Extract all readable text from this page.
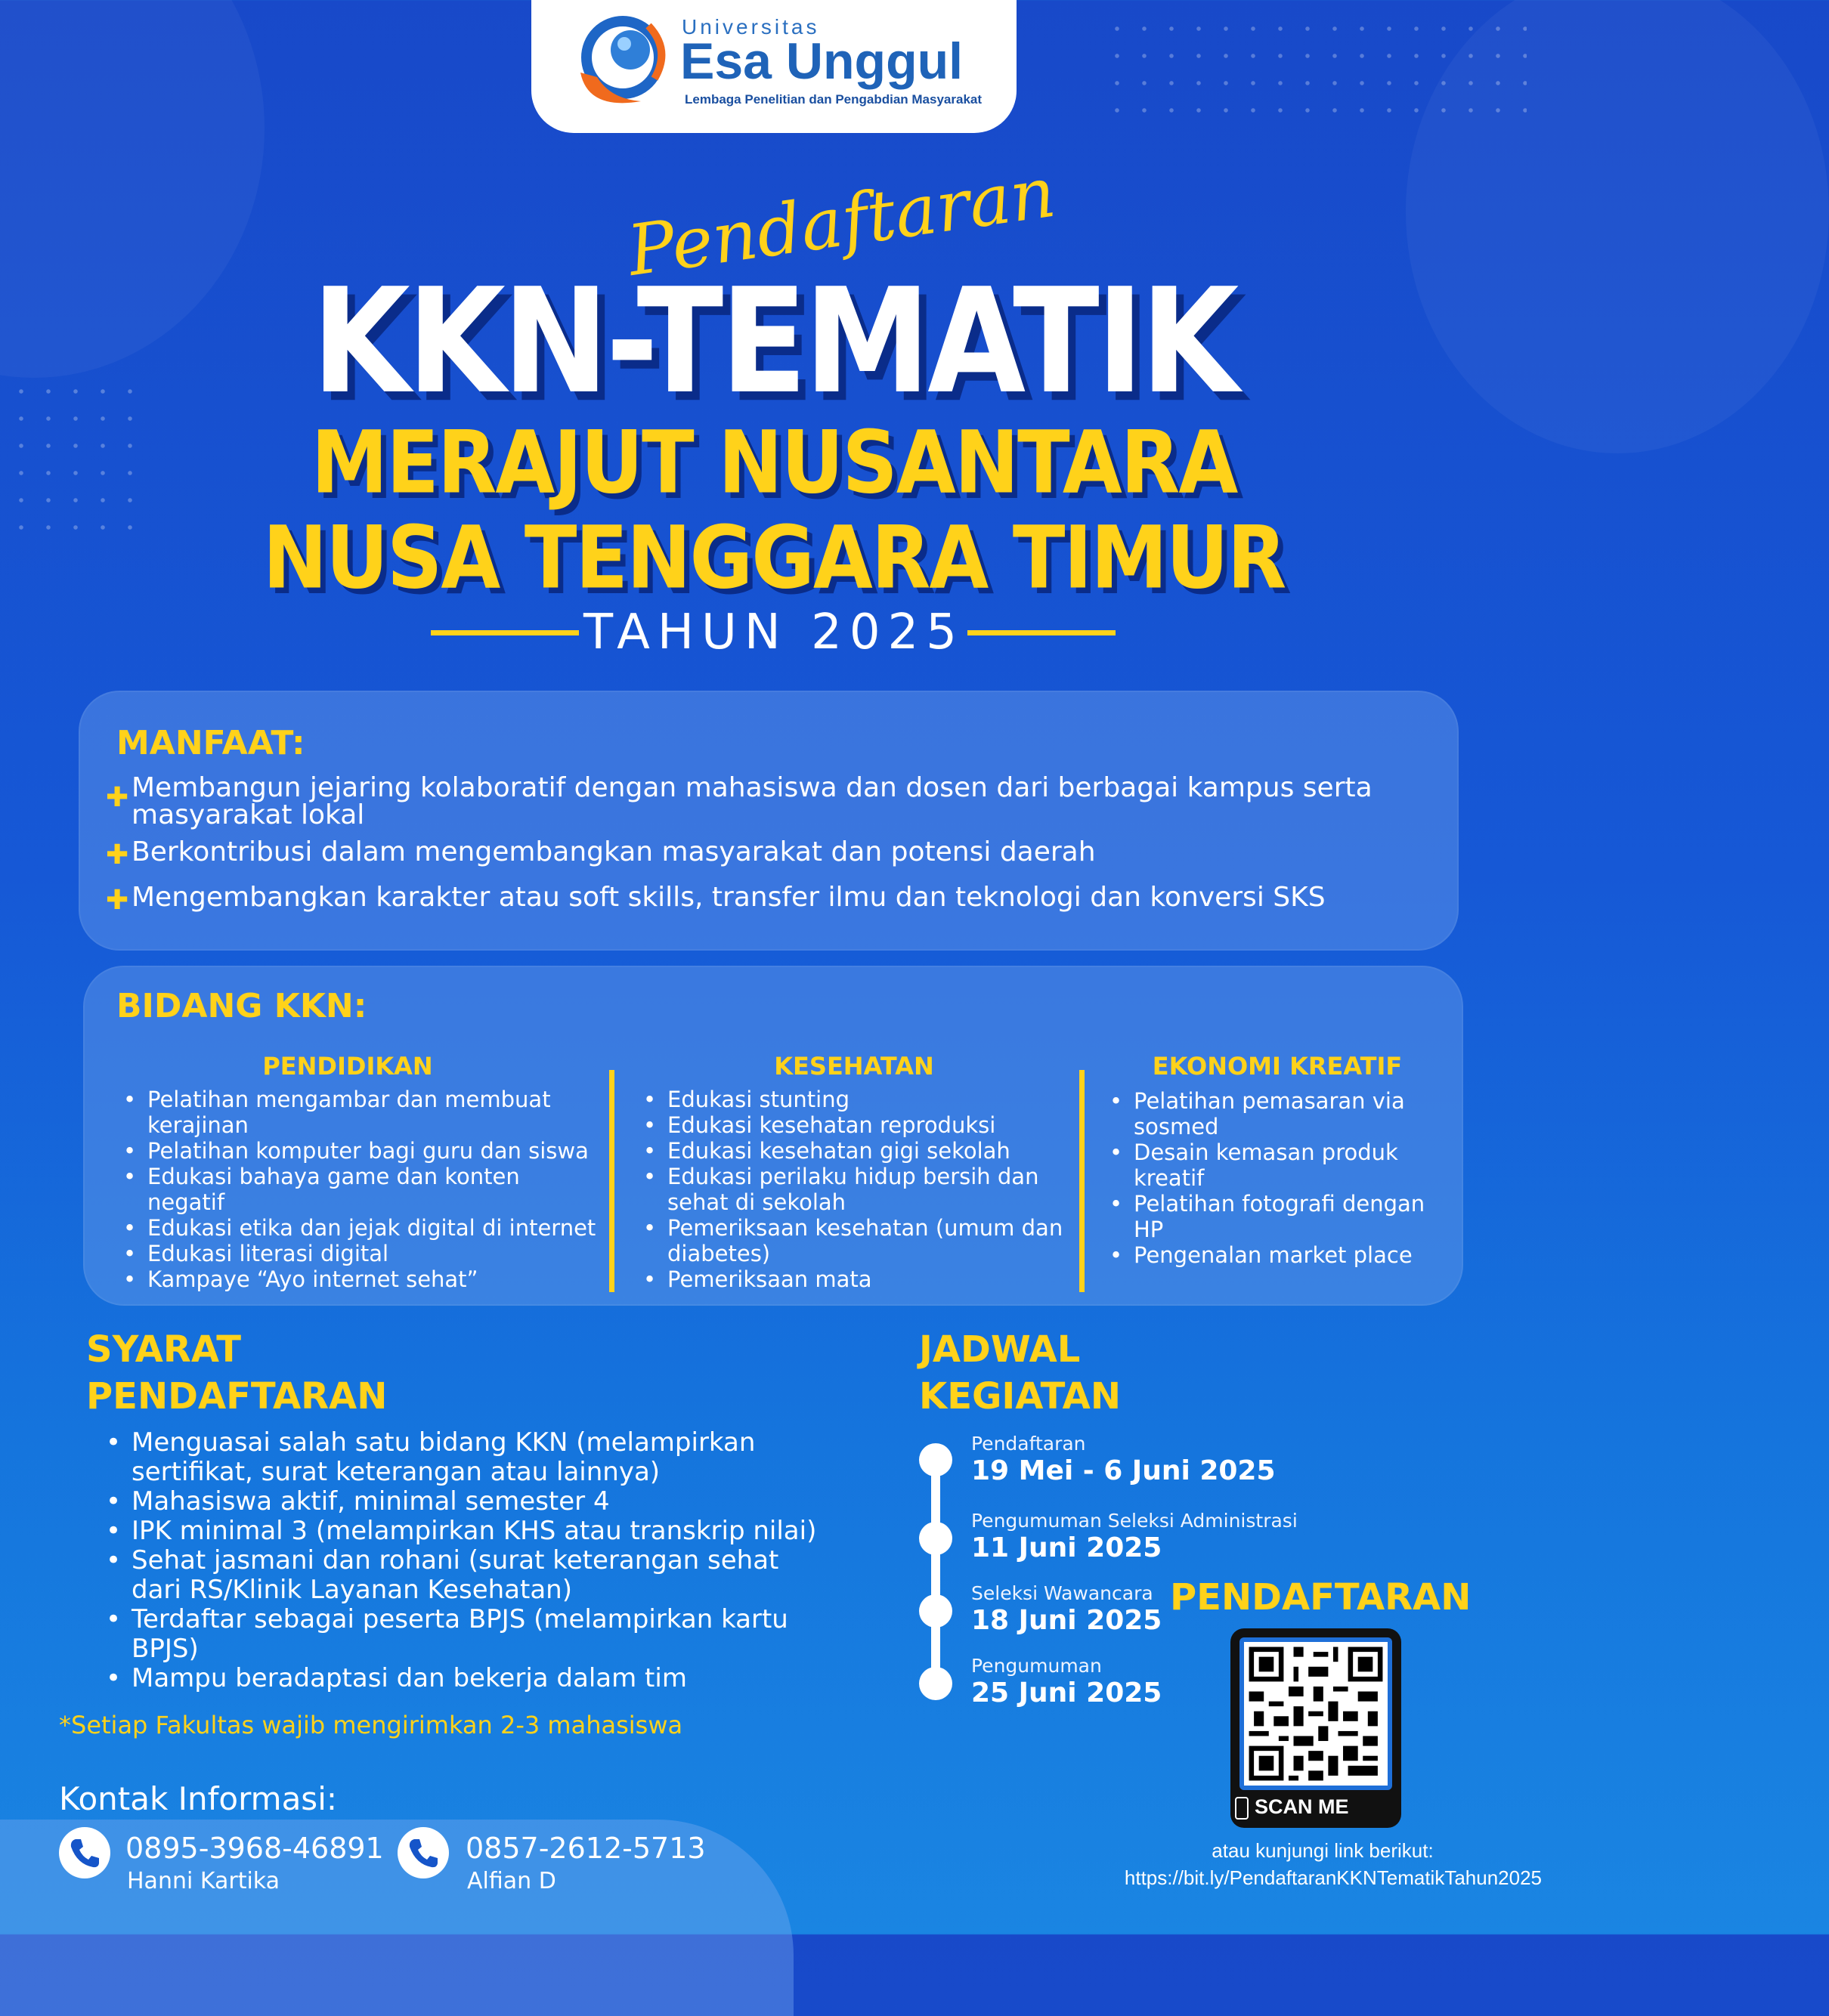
Universitas
Esa Unggul
Lembaga Penelitian dan Pengabdian Masyarakat
Pendaftaran
KKN-TEMATIK
MERAJUT NUSANTARA
NUSA TENGGARA TIMUR
TAHUN 2025
MANFAAT:
✚ Membangun jejaring kolaboratif dengan mahasiswa dan dosen dari berbagai kampus serta masyarakat lokal
✚ Berkontribusi dalam mengembangkan masyarakat dan potensi daerah
✚ Mengembangkan karakter atau soft skills, transfer ilmu dan teknologi dan konversi SKS
BIDANG KKN:
PENDIDIKAN
• Pelatihan mengambar dan membuat kerajinan
• Pelatihan komputer bagi guru dan siswa
• Edukasi bahaya game dan konten negatif
• Edukasi etika dan jejak digital di internet
• Edukasi literasi digital
• Kampaye “Ayo internet sehat”
KESEHATAN
• Edukasi stunting
• Edukasi kesehatan reproduksi
• Edukasi kesehatan gigi sekolah
• Edukasi perilaku hidup bersih dan sehat di sekolah
• Pemeriksaan kesehatan (umum dan diabetes)
• Pemeriksaan mata
EKONOMI KREATIF
• Pelatihan pemasaran via sosmed
• Desain kemasan produk kreatif
• Pelatihan fotografi dengan HP
• Pengenalan market place
SYARAT
PENDAFTARAN
• Menguasai salah satu bidang KKN (melampirkan sertifikat, surat keterangan atau lainnya)
• Mahasiswa aktif, minimal semester 4
• IPK minimal 3 (melampirkan KHS atau transkrip nilai)
• Sehat jasmani dan rohani (surat keterangan sehat dari RS/Klinik Layanan Kesehatan)
• Terdaftar sebagai peserta BPJS (melampirkan kartu BPJS)
• Mampu beradaptasi dan bekerja dalam tim
*Setiap Fakultas wajib mengirimkan 2-3 mahasiswa
JADWAL
KEGIATAN
Pendaftaran
19 Mei - 6 Juni 2025
Pengumuman Seleksi Administrasi
11 Juni 2025
Seleksi Wawancara
18 Juni 2025
Pengumuman
25 Juni 2025
PENDAFTARAN
SCAN ME
atau kunjungi link berikut:
https://bit.ly/PendaftaranKKNTematikTahun2025
Kontak Informasi:
0895-3968-46891
Hanni Kartika
0857-2612-5713
Alfian D
